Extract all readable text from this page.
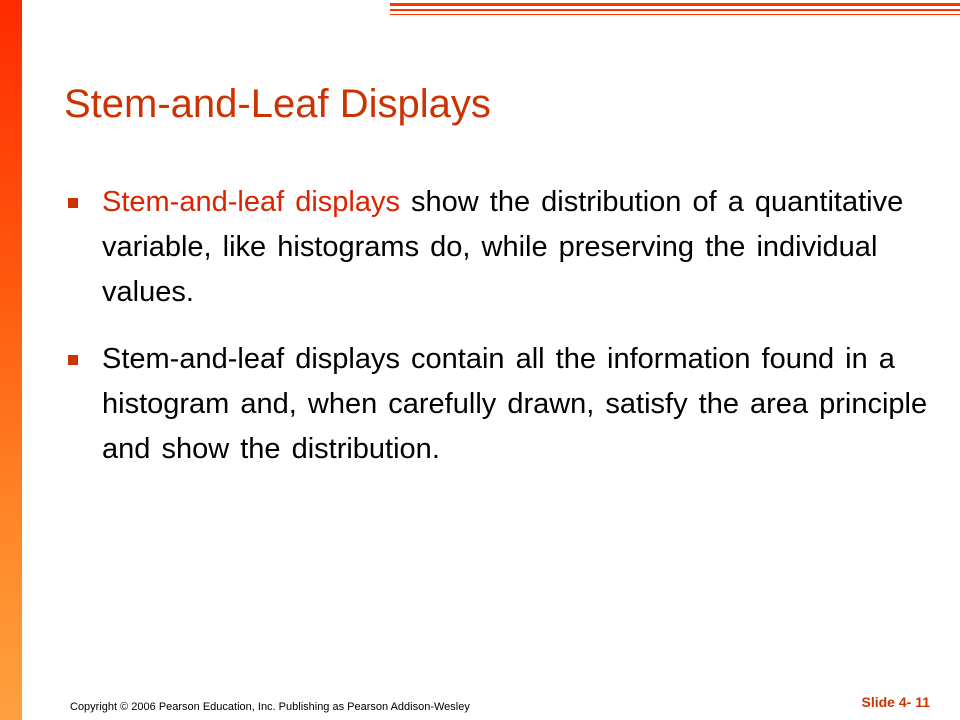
Stem-and-Leaf Displays
Stem-and-leaf displays show the distribution of a quantitative variable, like histograms do, while preserving the individual values.
Stem-and-leaf displays contain all the information found in a histogram and, when carefully drawn, satisfy the area principle and show the distribution.
Copyright © 2006 Pearson Education, Inc. Publishing as Pearson Addison-Wesley	Slide 4- 11
